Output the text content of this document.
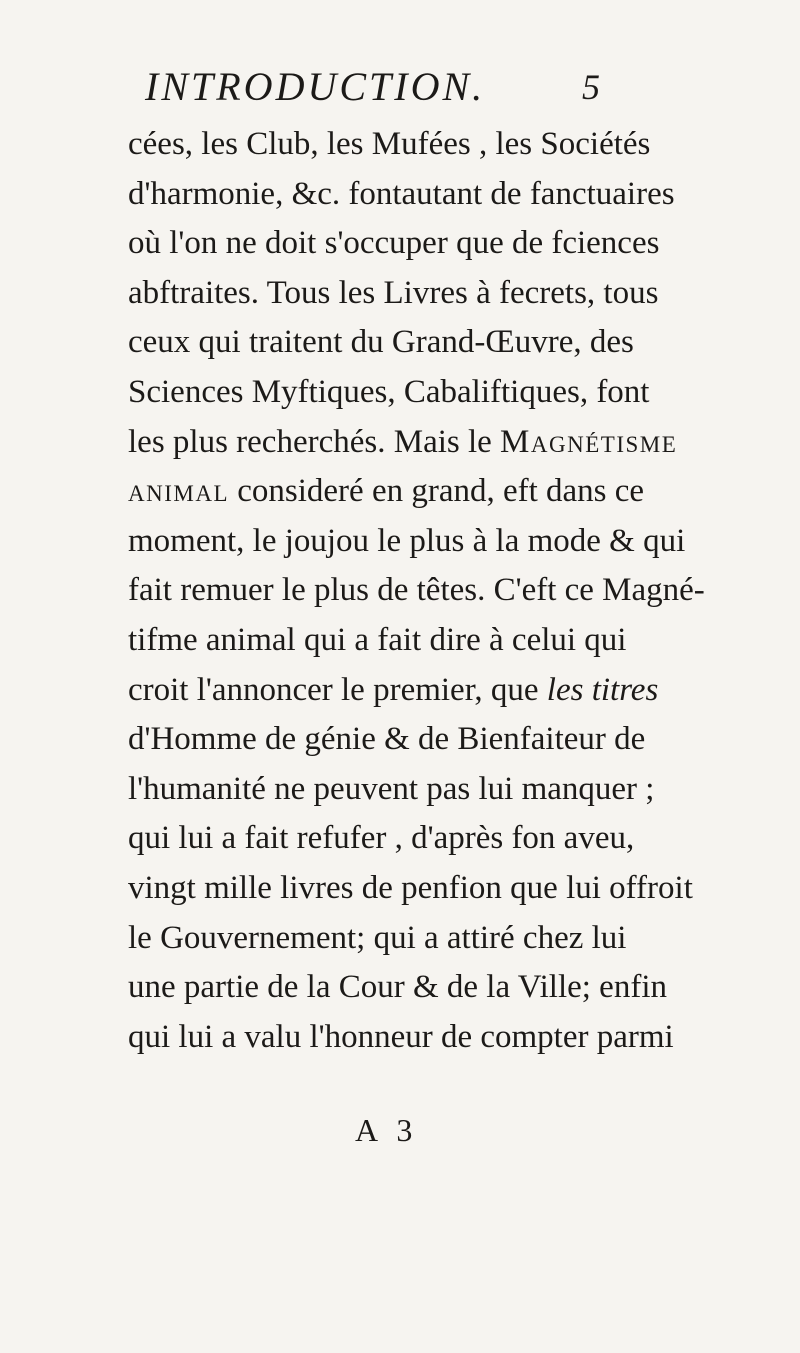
INTRODUCTION.	5
cées, les Club, les Mufées , les Sociétés
d'harmonie, &c. fontautant de fanctuaires
où l'on ne doit s'occuper que de fciences
abftraites. Tous les Livres à fecrets, tous
ceux qui traitent du Grand-Œuvre, des
Sciences Myftiques, Cabaliftiques, font
les plus recherchés. Mais le Magnétisme
animal consideré en grand, eft dans ce
moment, le joujou le plus à la mode & qui
fait remuer le plus de têtes. C'eft ce Magné-
tifme animal qui a fait dire à celui qui
croit l'annoncer le premier, que les titres
d'Homme de génie & de Bienfaiteur de
l'humanité ne peuvent pas lui manquer ;
qui lui a fait refufer , d'après fon aveu,
vingt mille livres de penfion que lui offroit
le Gouvernement; qui a attiré chez lui
une partie de la Cour & de la Ville; enfin
qui lui a valu l'honneur de compter parmi
A 3
